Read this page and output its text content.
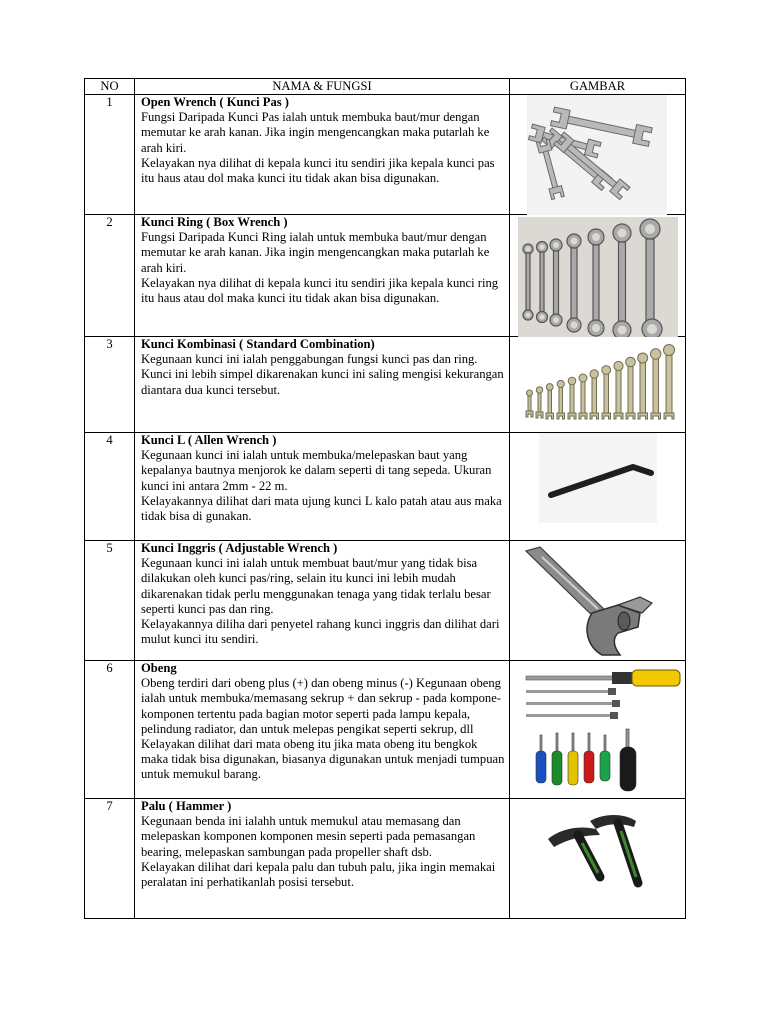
NO	NAMA & FUNGSI	GAMBAR
1	Open Wrench ( Kunci Pas )
Fungsi Daripada Kunci Pas ialah untuk membuka baut/mur dengan memutar ke arah kanan. Jika ingin mengencangkan maka putarlah ke arah kiri.
Kelayakan nya dilihat di kepala kunci itu sendiri jika kepala kunci pas itu haus atau dol maka kunci itu tidak akan bisa digunakan.

2	Kunci Ring ( Box Wrench )
Fungsi Daripada Kunci Ring ialah untuk membuka baut/mur dengan memutar ke arah kanan. Jika ingin mengencangkan maka putarlah ke arah kiri.
Kelayakan nya dilihat di kepala kunci itu sendiri jika kepala kunci ring itu haus atau dol maka kunci itu tidak akan bisa digunakan.

3	Kunci Kombinasi ( Standard Combination)
Kegunaan kunci ini ialah penggabungan fungsi kunci pas dan ring. Kunci ini lebih simpel dikarenakan kunci ini saling mengisi kekurangan diantara dua kunci tersebut.

4	Kunci L ( Allen Wrench )
Kegunaan kunci ini ialah untuk membuka/melepaskan baut yang kepalanya bautnya menjorok ke dalam seperti di tang sepeda. Ukuran kunci ini antara 2mm - 22 m.
Kelayakannya dilihat dari mata ujung kunci L kalo patah atau aus maka tidak bisa di gunakan.

5	Kunci Inggris ( Adjustable Wrench )
Kegunaan kunci ini ialah untuk membuat baut/mur yang tidak bisa dilakukan oleh kunci pas/ring, selain itu kunci ini lebih mudah dikarenakan tidak perlu menggunakan tenaga yang tidak terlalu besar seperti kunci pas dan ring.
Kelayakannya diliha dari penyetel rahang kunci inggris dan dilihat dari mulut kunci itu sendiri.

6	Obeng
Obeng terdiri dari obeng plus (+) dan obeng minus (-) Kegunaan obeng ialah untuk membuka/memasang sekrup + dan sekrup - pada kompone-komponen tertentu pada bagian motor seperti pada lampu kepala, pelindung radiator, dan untuk melepas pengikat seperti sekrup, dll
Kelayakan dilihat dari mata obeng itu jika mata obeng itu bengkok maka tidak bisa digunakan, biasanya digunakan untuk menjadi tumpuan untuk memukul barang.

7	Palu ( Hammer )
Kegunaan benda ini ialahh untuk memukul atau memasang dan melepaskan komponen komponen mesin seperti pada pemasangan bearing, melepaskan sambungan pada propeller shaft dsb.
Kelayakan dilihat dari kepala palu dan tubuh palu, jika ingin memakai peralatan ini perhatikanlah posisi tersebut.
